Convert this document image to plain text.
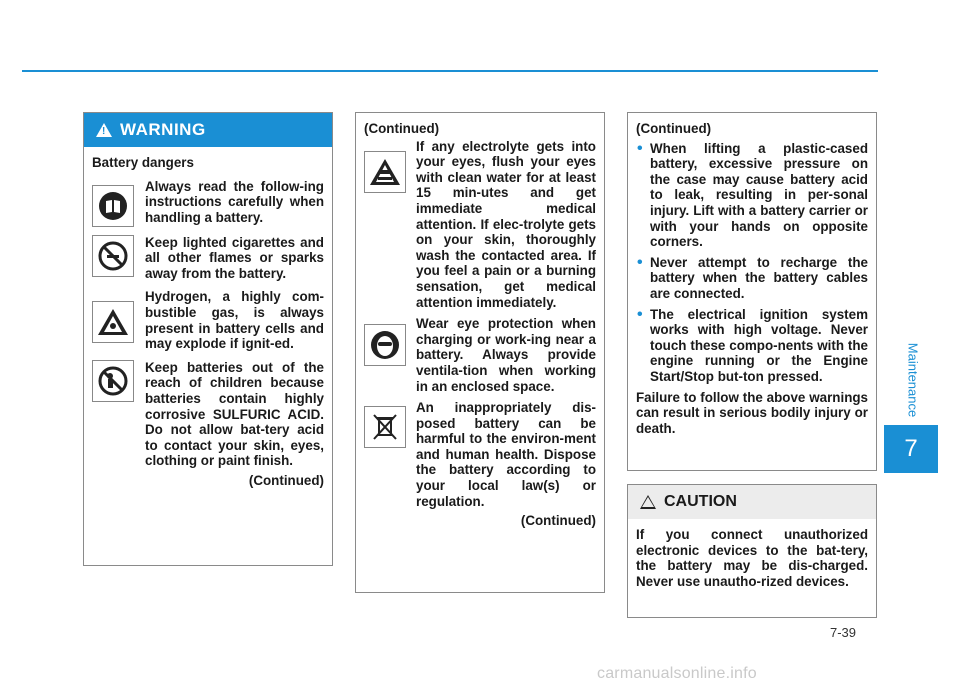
Maintenance
7
7-39
carmanualsonline.info
! WARNING
Battery dangers
Always read the follow-ing instructions carefully when handling a battery.
Keep lighted cigarettes and all other flames or sparks away from the battery.
Hydrogen, a highly com-bustible gas, is always present in battery cells and may explode if ignit-ed.
Keep batteries out of the reach of children because batteries contain highly corrosive SULFURIC ACID. Do not allow bat-tery acid to contact your skin, eyes, clothing or paint finish.
(Continued)
(Continued)
If any electrolyte gets into your eyes, flush your eyes with clean water for at least 15 min-utes and get immediate medical attention. If elec-trolyte gets on your skin, thoroughly wash the contacted area. If you feel a pain or a burning sensation, get medical attention immediately.
Wear eye protection when charging or work-ing near a battery. Always provide ventila-tion when working in an enclosed space.
An inappropriately dis-posed battery can be harmful to the environ-ment and human health. Dispose the battery according to your local law(s) or regulation.
(Continued)
(Continued)
• When lifting a plastic-cased battery, excessive pressure on the case may cause battery acid to leak, resulting in per-sonal injury. Lift with a battery carrier or with your hands on opposite corners.
• Never attempt to recharge the battery when the battery cables are connected.
• The electrical ignition system works with high voltage. Never touch these compo-nents with the engine running or the Engine Start/Stop but-ton pressed.
Failure to follow the above warnings can result in serious bodily injury or death.
CAUTION
If you connect unauthorized electronic devices to the bat-tery, the battery may be dis-charged. Never use unautho-rized devices.
